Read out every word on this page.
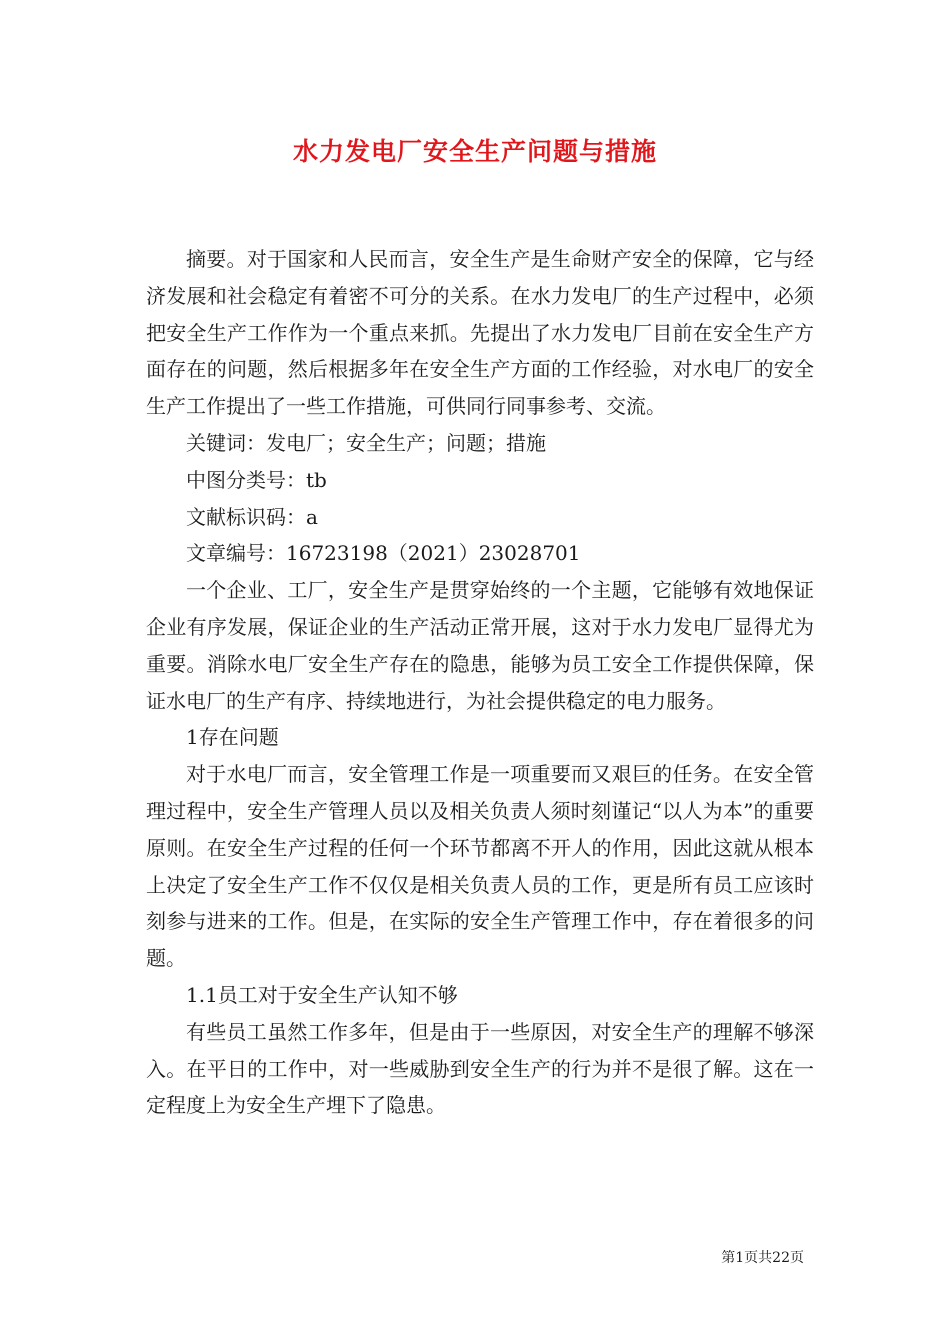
水力发电厂安全生产问题与措施

摘要。对于国家和人民而言，安全生产是生命财产安全的保障，它与经济发展和社会稳定有着密不可分的关系。在水力发电厂的生产过程中，必须把安全生产工作作为一个重点来抓。先提出了水力发电厂目前在安全生产方面存在的问题，然后根据多年在安全生产方面的工作经验，对水电厂的安全生产工作提出了一些工作措施，可供同行同事参考、交流。

关键词：发电厂；安全生产；问题；措施

中图分类号：tb

文献标识码：a

文章编号：16723198（2021）23028701

一个企业、工厂，安全生产是贯穿始终的一个主题，它能够有效地保证企业有序发展，保证企业的生产活动正常开展，这对于水力发电厂显得尤为重要。消除水电厂安全生产存在的隐患，能够为员工安全工作提供保障，保证水电厂的生产有序、持续地进行，为社会提供稳定的电力服务。

1存在问题

对于水电厂而言，安全管理工作是一项重要而又艰巨的任务。在安全管理过程中，安全生产管理人员以及相关负责人须时刻谨记“以人为本”的重要原则。在安全生产过程的任何一个环节都离不开人的作用，因此这就从根本上决定了安全生产工作不仅仅是相关负责人员的工作，更是所有员工应该时刻参与进来的工作。但是，在实际的安全生产管理工作中，存在着很多的问题。

1.1员工对于安全生产认知不够

有些员工虽然工作多年，但是由于一些原因，对安全生产的理解不够深入。在平日的工作中，对一些威胁到安全生产的行为并不是很了解。这在一定程度上为安全生产埋下了隐患。

第1页共22页
